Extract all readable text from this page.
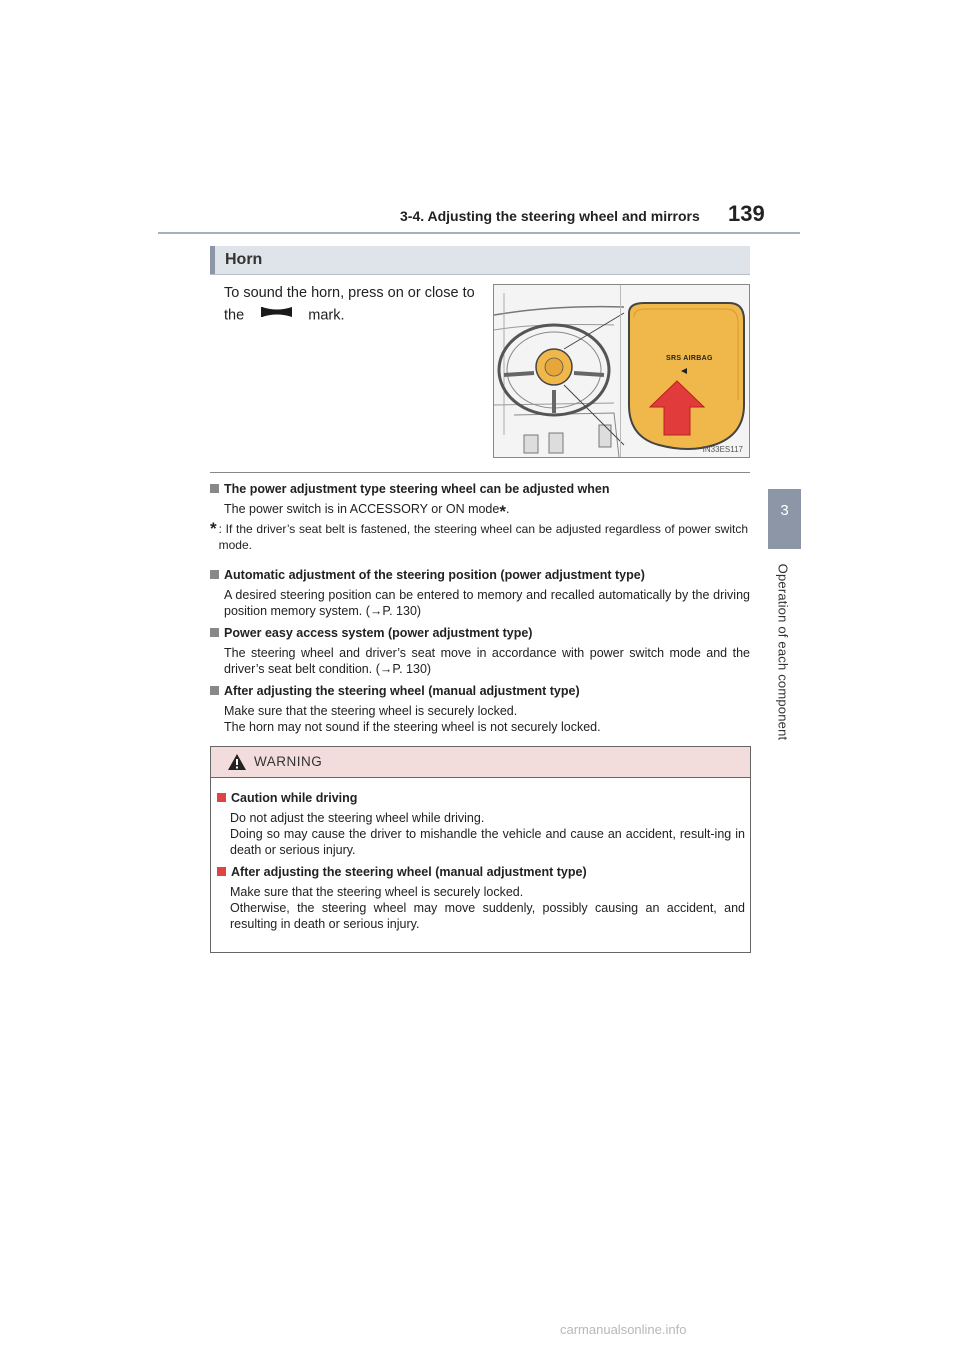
3-4. Adjusting the steering wheel and mirrors 139
3
Operation of each component
Horn
To sound the horn, press on or close to
the	mark.
SRS AIRBAG
IN33ES117
The power adjustment type steering wheel can be adjusted when
The power switch is in ACCESSORY or ON mode*.
* : If the driver’s seat belt is fastened, the steering wheel can be adjusted regardless of power switch mode.
Automatic adjustment of the steering position (power adjustment type)
A desired steering position can be entered to memory and recalled automatically by the driving position memory system. (→P. 130)
Power easy access system (power adjustment type)
The steering wheel and driver’s seat move in accordance with power switch mode and the driver’s seat belt condition. (→P. 130)
After adjusting the steering wheel (manual adjustment type)
Make sure that the steering wheel is securely locked.
The horn may not sound if the steering wheel is not securely locked.
WARNING
Caution while driving
Do not adjust the steering wheel while driving.
Doing so may cause the driver to mishandle the vehicle and cause an accident, result-ing in death or serious injury.
After adjusting the steering wheel (manual adjustment type)
Make sure that the steering wheel is securely locked.
Otherwise, the steering wheel may move suddenly, possibly causing an accident, and resulting in death or serious injury.
carmanualsonline.info
